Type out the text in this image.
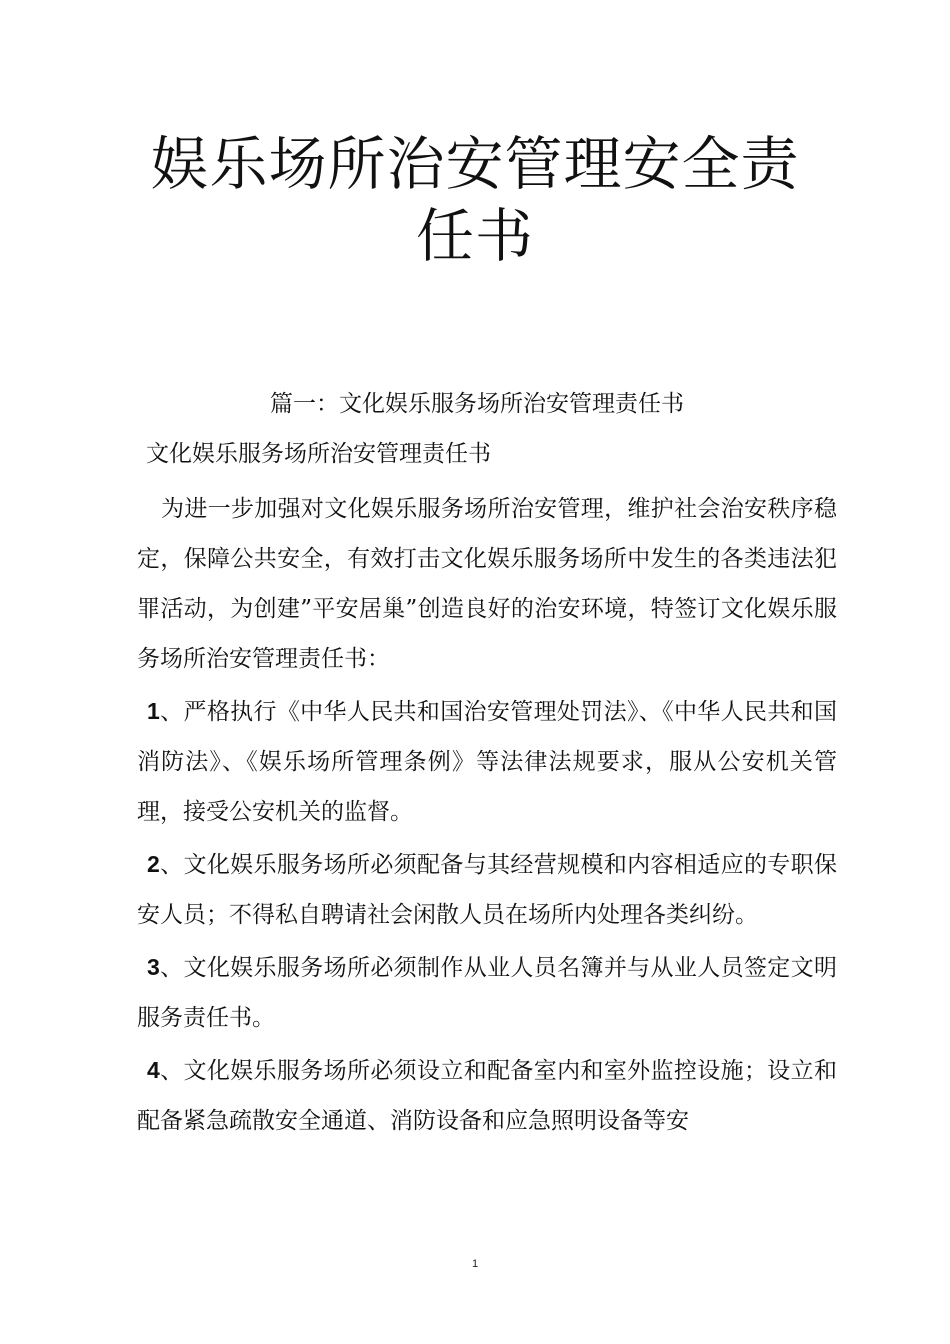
娱乐场所治安管理安全责
任书
篇一：文化娱乐服务场所治安管理责任书
文化娱乐服务场所治安管理责任书

为进一步加强对文化娱乐服务场所治安管理，维护社会治安秩序稳定，保障公共安全，有效打击文化娱乐服务场所中发生的各类违法犯罪活动，为创建”平安居巢”创造良好的治安环境，特签订文化娱乐服务场所治安管理责任书：

1、严格执行《中华人民共和国治安管理处罚法》、《中华人民共和国消防法》、《娱乐场所管理条例》等法律法规要求，服从公安机关管理，接受公安机关的监督。

2、文化娱乐服务场所必须配备与其经营规模和内容相适应的专职保安人员；不得私自聘请社会闲散人员在场所内处理各类纠纷。

3、文化娱乐服务场所必须制作从业人员名簿并与从业人员签定文明服务责任书。

4、文化娱乐服务场所必须设立和配备室内和室外监控设施；设立和配备紧急疏散安全通道、消防设备和应急照明设备等安

1
